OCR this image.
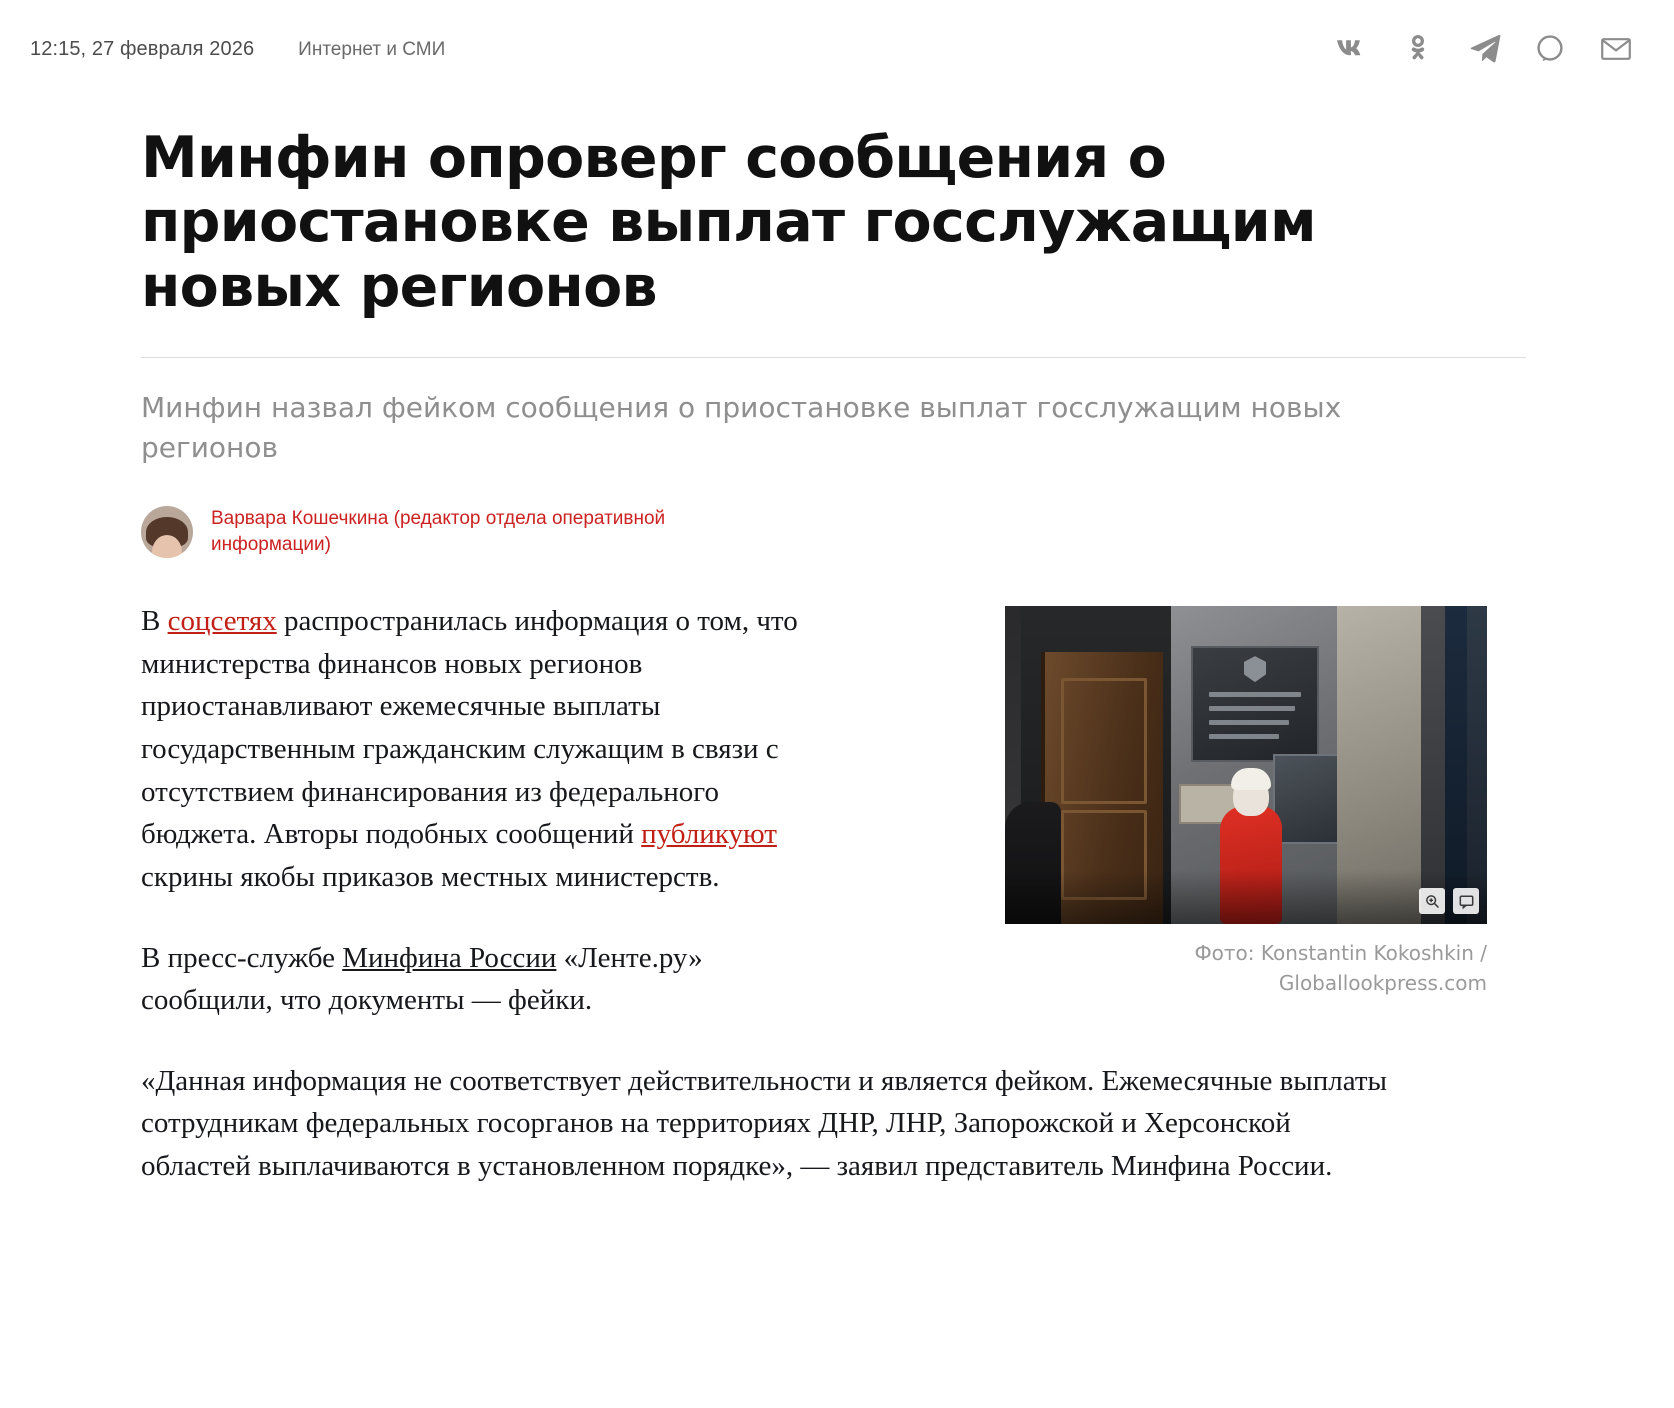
12:15, 27 февраля 2026 Интернет и СМИ
Минфин опроверг сообщения о приостановке выплат госслужащим новых регионов
Минфин назвал фейком сообщения о приостановке выплат госслужащим новых регионов
Варвара Кошечкина (редактор отдела оперативной информации)
Фото: Konstantin Kokoshkin / Globallookpress.com

В соцсетях распространилась информация о том, что министерства финансов новых регионов приостанавливают ежемесячные выплаты государственным гражданским служащим в связи с отсутствием финансирования из федерального бюджета. Авторы подобных сообщений публикуют скрины якобы приказов местных министерств.

В пресс-службе Минфина России «Ленте.ру» сообщили, что документы — фейки.

«Данная информация не соответствует действительности и является фейком. Ежемесячные выплаты сотрудникам федеральных госорганов на территориях ДНР, ЛНР, Запорожской и Херсонской областей выплачиваются в установленном порядке», — заявил представитель Минфина России.
